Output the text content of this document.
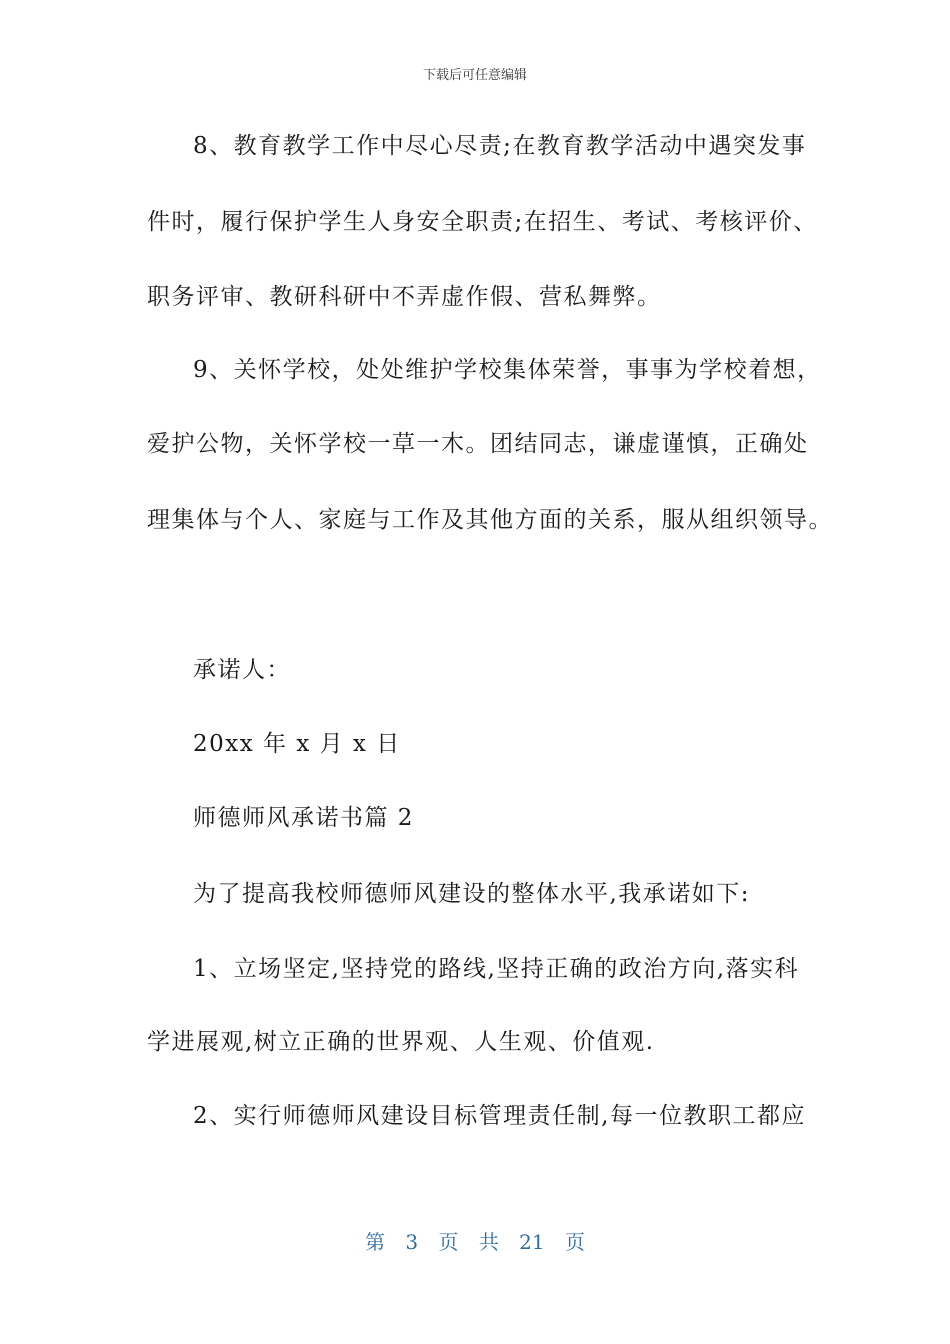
下载后可任意编辑
8、教育教学工作中尽心尽责;在教育教学活动中遇突发事
件时，履行保护学生人身安全职责;在招生、考试、考核评价、
职务评审、教研科研中不弄虚作假、营私舞弊。
9、关怀学校，处处维护学校集体荣誉，事事为学校着想，
爱护公物，关怀学校一草一木。团结同志，谦虚谨慎，正确处
理集体与个人、家庭与工作及其他方面的关系，服从组织领导。
承诺人：
20xx 年 x 月 x 日
师德师风承诺书篇 2
为了提高我校师德师风建设的整体水平,我承诺如下:
1、立场坚定,坚持党的路线,坚持正确的政治方向,落实科
学进展观,树立正确的世界观、人生观、价值观.
2、实行师德师风建设目标管理责任制,每一位教职工都应
第 3 页 共 21 页
